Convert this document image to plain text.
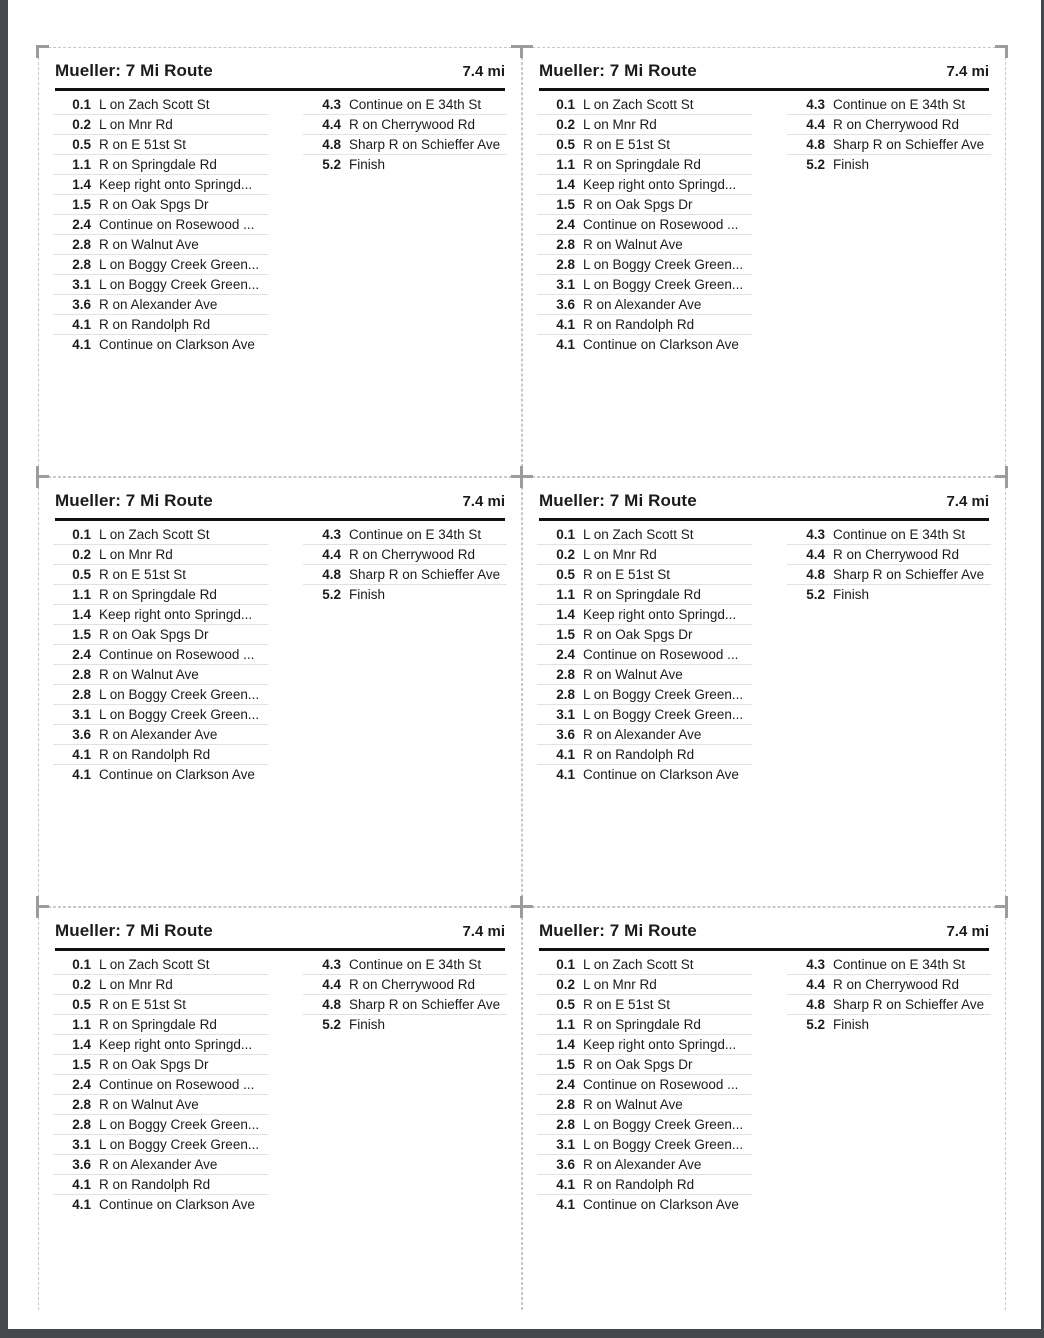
Mueller: 7 Mi Route	7.4 mi
0.1 L on Zach Scott St
0.2 L on Mnr Rd
0.5 R on E 51st St
1.1 R on Springdale Rd
1.4 Keep right onto Springd...
1.5 R on Oak Spgs Dr
2.4 Continue on Rosewood ...
2.8 R on Walnut Ave
2.8 L on Boggy Creek Green...
3.1 L on Boggy Creek Green...
3.6 R on Alexander Ave
4.1 R on Randolph Rd
4.1 Continue on Clarkson Ave
4.3 Continue on E 34th St
4.4 R on Cherrywood Rd
4.8 Sharp R on Schieffer Ave
5.2 Finish
Mueller: 7 Mi Route	7.4 mi
0.1 L on Zach Scott St
0.2 L on Mnr Rd
0.5 R on E 51st St
1.1 R on Springdale Rd
1.4 Keep right onto Springd...
1.5 R on Oak Spgs Dr
2.4 Continue on Rosewood ...
2.8 R on Walnut Ave
2.8 L on Boggy Creek Green...
3.1 L on Boggy Creek Green...
3.6 R on Alexander Ave
4.1 R on Randolph Rd
4.1 Continue on Clarkson Ave
4.3 Continue on E 34th St
4.4 R on Cherrywood Rd
4.8 Sharp R on Schieffer Ave
5.2 Finish
Mueller: 7 Mi Route	7.4 mi
0.1 L on Zach Scott St
0.2 L on Mnr Rd
0.5 R on E 51st St
1.1 R on Springdale Rd
1.4 Keep right onto Springd...
1.5 R on Oak Spgs Dr
2.4 Continue on Rosewood ...
2.8 R on Walnut Ave
2.8 L on Boggy Creek Green...
3.1 L on Boggy Creek Green...
3.6 R on Alexander Ave
4.1 R on Randolph Rd
4.1 Continue on Clarkson Ave
4.3 Continue on E 34th St
4.4 R on Cherrywood Rd
4.8 Sharp R on Schieffer Ave
5.2 Finish
Mueller: 7 Mi Route	7.4 mi
0.1 L on Zach Scott St
0.2 L on Mnr Rd
0.5 R on E 51st St
1.1 R on Springdale Rd
1.4 Keep right onto Springd...
1.5 R on Oak Spgs Dr
2.4 Continue on Rosewood ...
2.8 R on Walnut Ave
2.8 L on Boggy Creek Green...
3.1 L on Boggy Creek Green...
3.6 R on Alexander Ave
4.1 R on Randolph Rd
4.1 Continue on Clarkson Ave
4.3 Continue on E 34th St
4.4 R on Cherrywood Rd
4.8 Sharp R on Schieffer Ave
5.2 Finish
Mueller: 7 Mi Route	7.4 mi
0.1 L on Zach Scott St
0.2 L on Mnr Rd
0.5 R on E 51st St
1.1 R on Springdale Rd
1.4 Keep right onto Springd...
1.5 R on Oak Spgs Dr
2.4 Continue on Rosewood ...
2.8 R on Walnut Ave
2.8 L on Boggy Creek Green...
3.1 L on Boggy Creek Green...
3.6 R on Alexander Ave
4.1 R on Randolph Rd
4.1 Continue on Clarkson Ave
4.3 Continue on E 34th St
4.4 R on Cherrywood Rd
4.8 Sharp R on Schieffer Ave
5.2 Finish
Mueller: 7 Mi Route	7.4 mi
0.1 L on Zach Scott St
0.2 L on Mnr Rd
0.5 R on E 51st St
1.1 R on Springdale Rd
1.4 Keep right onto Springd...
1.5 R on Oak Spgs Dr
2.4 Continue on Rosewood ...
2.8 R on Walnut Ave
2.8 L on Boggy Creek Green...
3.1 L on Boggy Creek Green...
3.6 R on Alexander Ave
4.1 R on Randolph Rd
4.1 Continue on Clarkson Ave
4.3 Continue on E 34th St
4.4 R on Cherrywood Rd
4.8 Sharp R on Schieffer Ave
5.2 Finish
